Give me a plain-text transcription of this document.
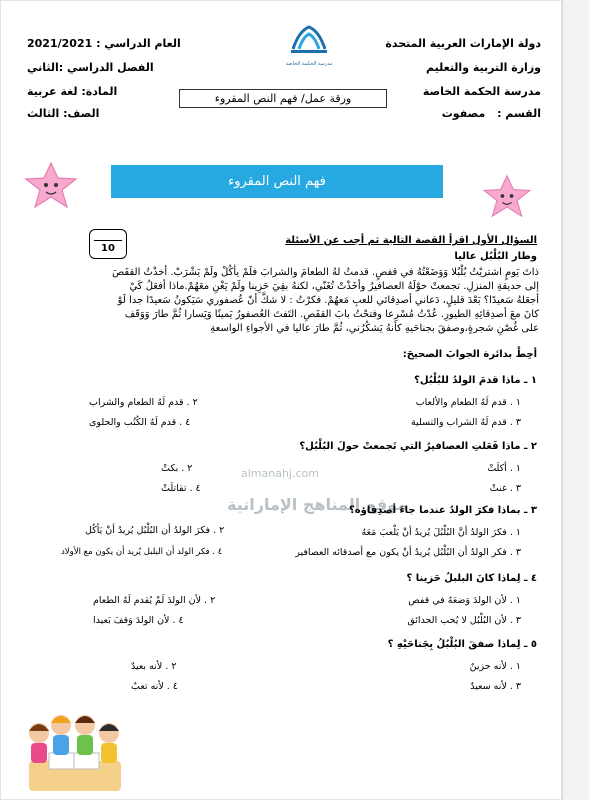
دولة الإمارات العربية المتحدة
وزارة التربية والتعليم
مدرسة الحكمة الخاصة
القسم : مصفوت
العام الدراسي : 2021/2021
الفصل الدراسي :الثاني
المادة: لغة عربية
الصف: الثالث
مدرسة الحكمة الخاصة
ورقة عمل/ فهم النص المقروء
فهم النص المقروء
10
السؤال الأول اقرأ القصة التالية ثم أجب عن الأسئلة
وطار البُلْبُل عاليا
ذاتَ يَومٍ اشتريْتُ بُلْبُلا وَوَضَعْتُهُ في قفصٍ. قدمتُ لهُ الطعامَ والشرابَ فلَمْ يأكُلْ ولَمْ يَشْرَبْ. أخذْتُ القفَصَ
إلى حديقةِ المنزلِ. تجمعتْ حوْلَهُ العصافيرُ وأخَذْتْ تُغَنّي، لكنهُ بقِيَ حَزِينا ولَمْ يَغْنِ معَهُمْ.ماذا أفعَلُ كَيْ
أجعَلهُ سَعيدًا؟ بَعْدَ قليلٍ، دَعاني أصدِقائي للعبِ مَعهُمْ. فكرْتُ : لا شكَّ أنّ عُصفوري سَيَكونُ سَعيدًا جدا لَوْ
كانَ معَ أصدِقائِهِ الطيورِ. عُدْتُ مُسْرِعا وفتحْتُ بابَ القفَصِ. التَفتَ العُصفورُ يَمينًا وَيَسارا ثُمَّ طارَ وَوَقَف
على غُصْنِ شجرةٍ،وصفقَ بجناحَيهِ كأنهُ يَشكُرُني، ثُمَّ طارَ عاليا في الأجواءِ الواسعةِ
أحِطْ بدائرة الجوابَ الصحيحَ:
١ ـ ماذا قدمَ الولدُ للبُلْبُل؟
١ . قدم لَهُ الطعام والألعاب
٢ . قدم لَهُ الطعام والشراب
٣ . قدم لَهُ الشراب والتسلية
٤ . قدم لَهُ الكُتُب والحلوى
٢ ـ ماذا فَعَلتِ العصافيرُ التي تَجمعتْ حولَ البُلْبُل؟
١ . أكلَتْ
٢ . بكتْ
٣ . غنتْ
٤ . تقاتلَتْ
almanahj.com
موقع المناهج الإماراتية
٣ ـ بماذا فكرَ الولدُ عندما جاءَ أصدِقاؤه؟
١ . فكرَ الولدُ أنَّ البُلْبُلَ يُريدُ أنْ يَلْعبَ مَعَهُ
٢ . فكرَ الولدُ أن البُلْبُل يُريدُ أنْ يَأكُل
٣ . فكر الولدُ أن البُلْبُل يُريدُ أنْ يكون مع أصدقائه العصافير
٤ . فكر الولد أن البلبل يُريد أن يكون مع الأولاد
٤ ـ لِماذا كانَ البلبلُ حَزينا ؟
١ . لأن الولدَ وَضعَهُ في قفص
٢ . لأن الولدَ لَمْ يُقدم لَهُ الطعام
٣ . لأن البُلْبُل لا يُحب الحدائق
٤ . لأن الولدَ وَقفَ بَعيدا
٥ ـ لِماذا صفقَ البُلْبُلُ بِجَناحَيْهِ ؟
١ . لأنه حزينٌ
٢ . لأنه بعيدٌ
٣ . لأنه سعيدٌ
٤ . لأنه تعبٌ
